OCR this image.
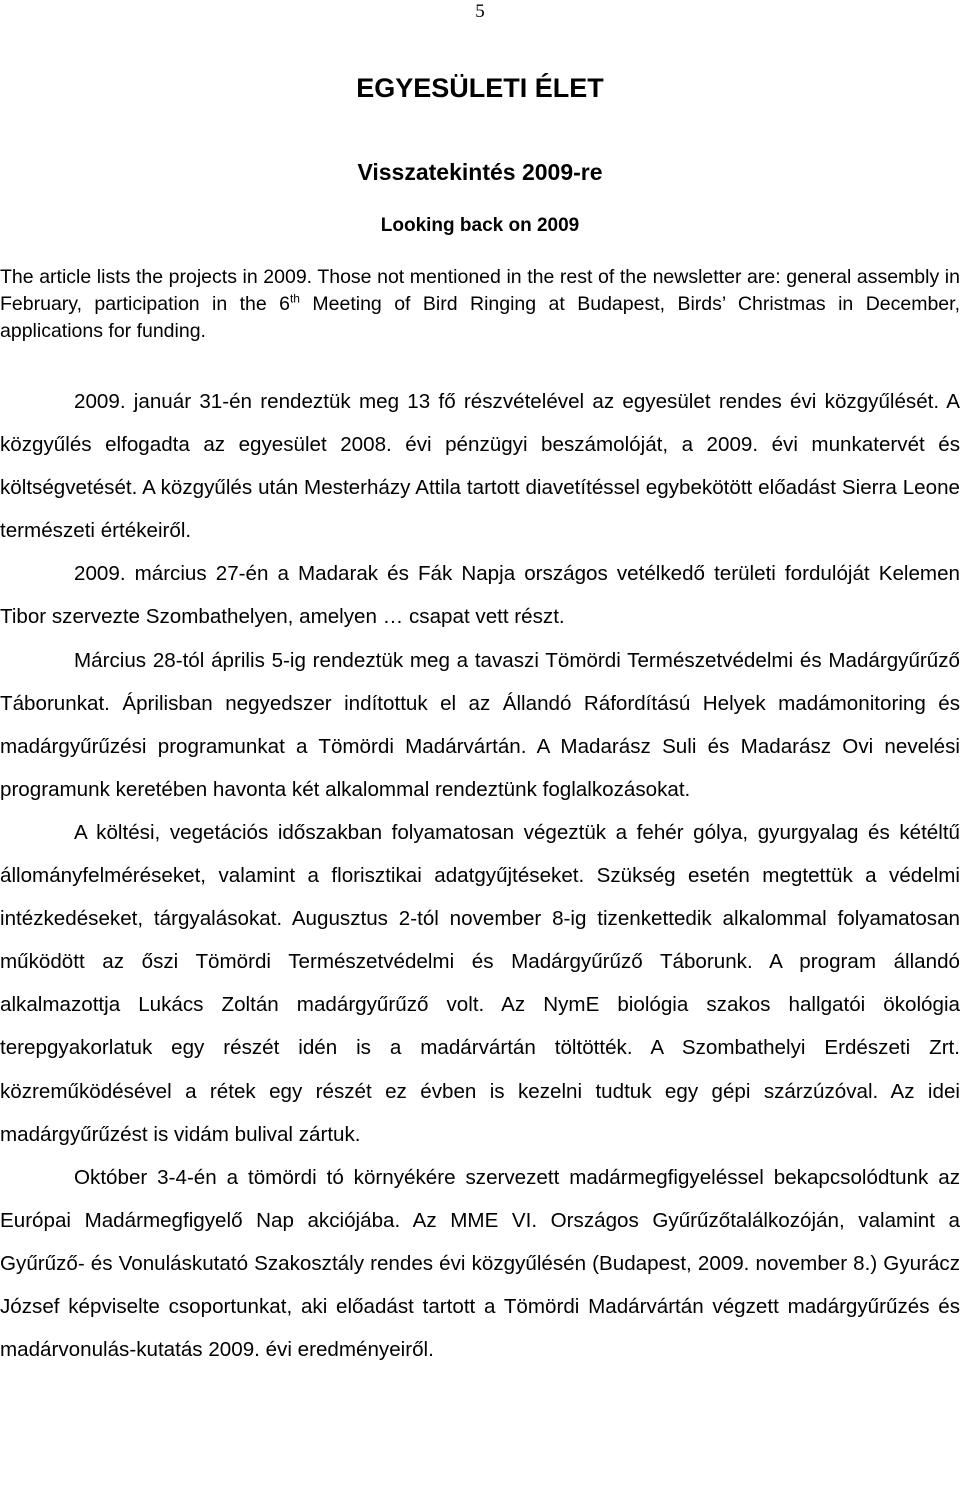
5
EGYESÜLETI ÉLET
Visszatekintés 2009-re
Looking back on 2009
The article lists the projects in 2009. Those not mentioned in the rest of the newsletter are: general assembly in February, participation in the 6th Meeting of Bird Ringing at Budapest, Birds’ Christmas in December, applications for funding.

2009. január 31-én rendeztük meg 13 fő részvételével az egyesület rendes évi közgyűlését. A közgyűlés elfogadta az egyesület 2008. évi pénzügyi beszámolóját, a 2009. évi munkatervét és költségvetését. A közgyűlés után Mesterházy Attila tartott diavetítéssel egybekötött előadást Sierra Leone természeti értékeiről.

2009. március 27-én a Madarak és Fák Napja országos vetélkedő területi fordulóját Kelemen Tibor szervezte Szombathelyen, amelyen … csapat vett részt.

Március 28-tól április 5-ig rendeztük meg a tavaszi Tömördi Természetvédelmi és Madárgyűrűző Táborunkat. Áprilisban negyedszer indítottuk el az Állandó Ráfordítású Helyek madámonitoring és madárgyűrűzési programunkat a Tömördi Madárvártán. A Madarász Suli és Madarász Ovi nevelési programunk keretében havonta két alkalommal rendeztünk foglalkozásokat.

A költési, vegetációs időszakban folyamatosan végeztük a fehér gólya, gyurgyalag és kétéltű állományfelméréseket, valamint a florisztikai adatgyűjtéseket. Szükség esetén megtettük a védelmi intézkedéseket, tárgyalásokat. Augusztus 2-tól november 8-ig tizenkettedik alkalommal folyamatosan működött az őszi Tömördi Természetvédelmi és Madárgyűrűző Táborunk. A program állandó alkalmazottja Lukács Zoltán madárgyűrűző volt. Az NymE biológia szakos hallgatói ökológia terepgyakorlatuk egy részét idén is a madárvártán töltötték. A Szombathelyi Erdészeti Zrt. közreműködésével a rétek egy részét ez évben is kezelni tudtuk egy gépi szárzúzóval. Az idei madárgyűrűzést is vidám bulival zártuk.

Október 3-4-én a tömördi tó környékére szervezett madármegfigyeléssel bekapcsolódtunk az Európai Madármegfigyelő Nap akciójába. Az MME VI. Országos Gyűrűzőtalálkozóján, valamint a Gyűrűző- és Vonuláskutató Szakosztály rendes évi közgyűlésén (Budapest, 2009. november 8.) Gyurácz József képviselte csoportunkat, aki előadást tartott a Tömördi Madárvártán végzett madárgyűrűzés és madárvonulás-kutatás 2009. évi eredményeiről.
